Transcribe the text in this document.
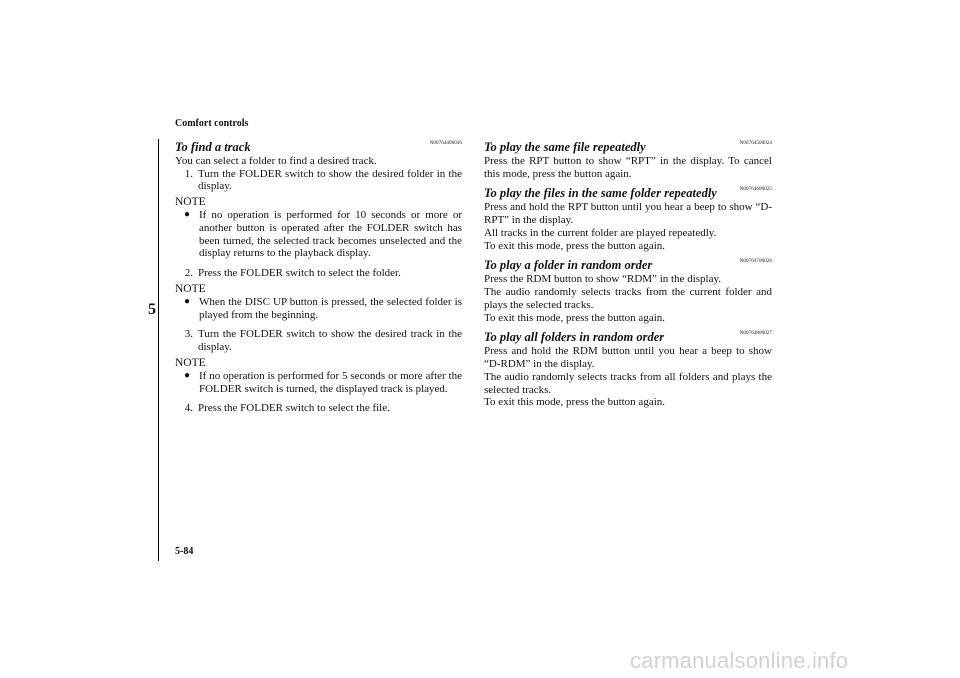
Comfort controls
5
5-84
To find a track	N00764400036
You can select a folder to find a desired track.
1. Turn the FOLDER switch to show the desired folder in the display.
NOTE
● If no operation is performed for 10 seconds or more or another button is operated after the FOLDER switch has been turned, the selected track becomes unselected and the display returns to the playback display.
2. Press the FOLDER switch to select the folder.
NOTE
● When the DISC UP button is pressed, the selected folder is played from the beginning.
3. Turn the FOLDER switch to show the desired track in the display.
NOTE
● If no operation is performed for 5 seconds or more after the FOLDER switch is turned, the displayed track is played.
4. Press the FOLDER switch to select the file.
To play the same file repeatedly	N00764500024
Press the RPT button to show “RPT” in the display. To cancel this mode, press the button again.
To play the files in the same folder repeatedly	N00764600025
Press and hold the RPT button until you hear a beep to show “D-RPT” in the display.
All tracks in the current folder are played repeatedly.
To exit this mode, press the button again.
To play a folder in random order	N00764700026
Press the RDM button to show “RDM” in the display.
The audio randomly selects tracks from the current folder and plays the selected tracks.
To exit this mode, press the button again.
To play all folders in random order	N00764800027
Press and hold the RDM button until you hear a beep to show “D-RDM” in the display.
The audio randomly selects tracks from all folders and plays the selected tracks.
To exit this mode, press the button again.
carmanualsonline.info
